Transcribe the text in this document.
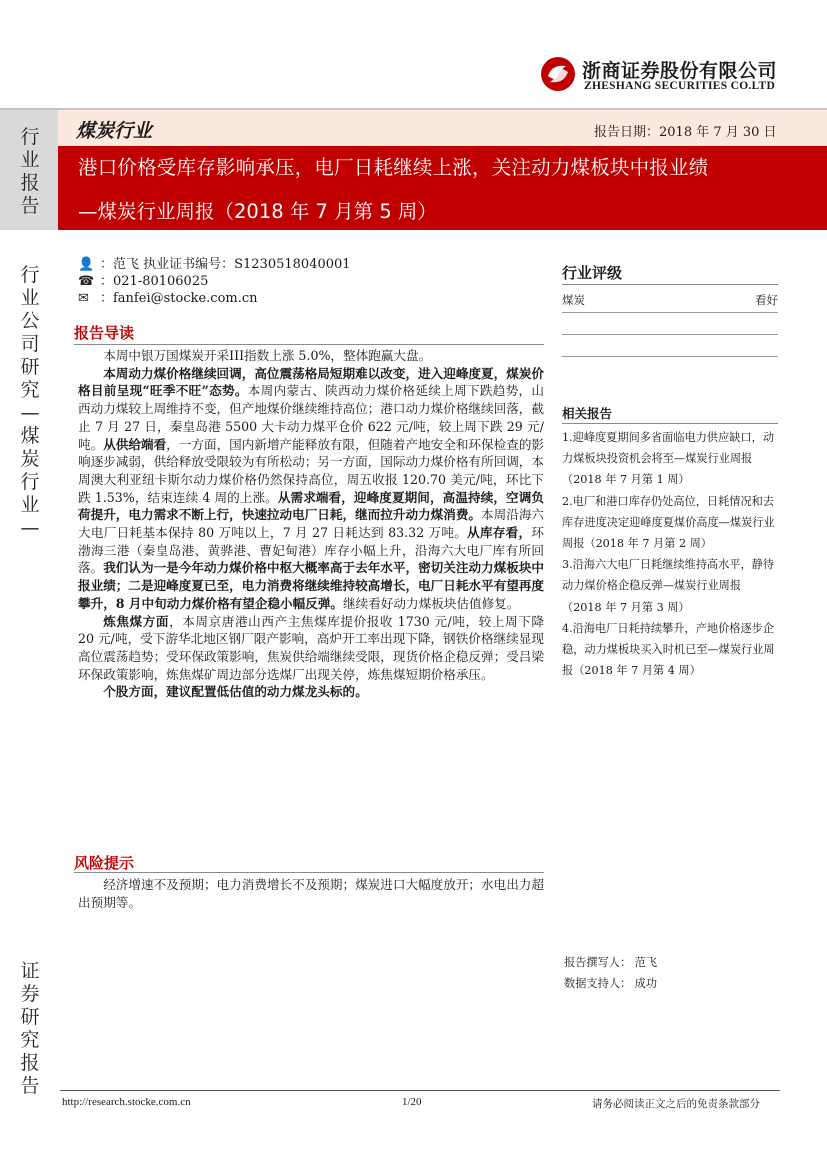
浙商证券股份有限公司
ZHESHANG SECURITIES CO.LTD
行
业
报
告
行
业
公
司
研
究
—
煤
炭
行
业
—
证
券
研
究
报
告
煤炭行业	报告日期：2018 年 7 月 30 日
港口价格受库存影响承压，电厂日耗继续上涨，关注动力煤板块中报业绩
—煤炭行业周报（2018 年 7 月第 5 周）
👤 ：范飞 执业证书编号：S1230518040001
☎ ：021-80106025
✉ ：fanfei@stocke.com.cn
报告导读

本周中银万国煤炭开采III指数上涨 5.0%，整体跑赢大盘。

本周动力煤价格继续回调，高位震荡格局短期难以改变，进入迎峰度夏，煤炭价格目前呈现“旺季不旺”态势。本周内蒙古、陕西动力煤价格延续上周下跌趋势，山西动力煤较上周维持不变，但产地煤价继续维持高位；港口动力煤价格继续回落，截止 7 月 27 日，秦皇岛港 5500 大卡动力煤平仓价 622 元/吨，较上周下跌 29 元/吨。从供给端看，一方面，国内新增产能释放有限，但随着产地安全和环保检查的影响逐步减弱，供给释放受限较为有所松动；另一方面，国际动力煤价格有所回调，本周澳大利亚纽卡斯尔动力煤价格仍然保持高位，周五收报 120.70 美元/吨，环比下跌 1.53%，结束连续 4 周的上涨。从需求端看，迎峰度夏期间，高温持续，空调负荷提升，电力需求不断上行，快速拉动电厂日耗，继而拉升动力煤消费。本周沿海六大电厂日耗基本保持 80 万吨以上，7 月 27 日耗达到 83.32 万吨。从库存看，环渤海三港（秦皇岛港、黄骅港、曹妃甸港）库存小幅上升，沿海六大电厂库有所回落。我们认为一是今年动力煤价格中枢大概率高于去年水平，密切关注动力煤板块中报业绩；二是迎峰度夏已至，电力消费将继续维持较高增长，电厂日耗水平有望再度攀升，8 月中旬动力煤价格有望企稳小幅反弹。继续看好动力煤板块估值修复。

炼焦煤方面，本周京唐港山西产主焦煤库提价报收 1730 元/吨，较上周下降 20 元/吨，受下游华北地区钢厂限产影响，高炉开工率出现下降，钢铁价格继续显现高位震荡趋势；受环保政策影响，焦炭供给端继续受限，现货价格企稳反弹；受吕梁环保政策影响，炼焦煤矿周边部分选煤厂出现关停，炼焦煤短期价格承压。

个股方面，建议配置低估值的动力煤龙头标的。

风险提示

经济增速不及预期；电力消费增长不及预期；煤炭进口大幅度放开；水电出力超出预期等。

行业评级
煤炭	看好
相关报告
1.迎峰度夏期间多省面临电力供应缺口，动力煤板块投资机会将至—煤炭行业周报（2018 年 7 月第 1 周）
2.电厂和港口库存仍处高位，日耗情况和去库存进度决定迎峰度夏煤价高度—煤炭行业周报（2018 年 7 月第 2 周）
3.沿海六大电厂日耗继续维持高水平，静待动力煤价格企稳反弹—煤炭行业周报（2018 年 7 月第 3 周）
4.沿海电厂日耗持续攀升，产地价格逐步企稳，动力煤板块买入时机已至—煤炭行业周报（2018 年 7 月第 4 周）
报告撰写人： 范飞
数据支持人： 成功
http://research.stocke.com.cn	1/20	请务必阅读正文之后的免责条款部分
